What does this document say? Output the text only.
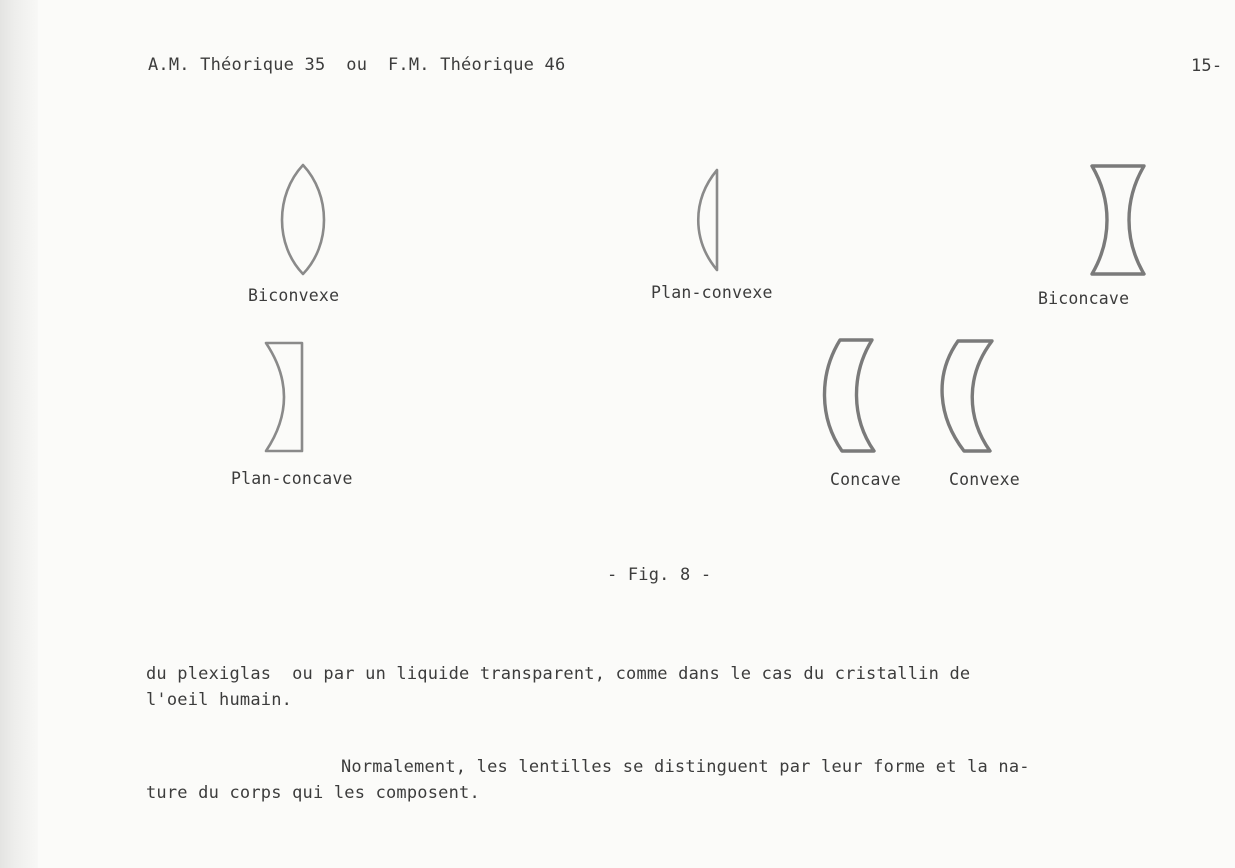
A.M. Théorique 35  ou  F.M. Théorique 46	15-
Biconvexe	Plan-convexe	Biconcave
Plan-concave	Concave	Convexe
- Fig. 8 -
du plexiglas  ou par un liquide transparent, comme dans le cas du cristallin de
l'oeil humain.
Normalement, les lentilles se distinguent par leur forme et la na-
ture du corps qui les composent.
